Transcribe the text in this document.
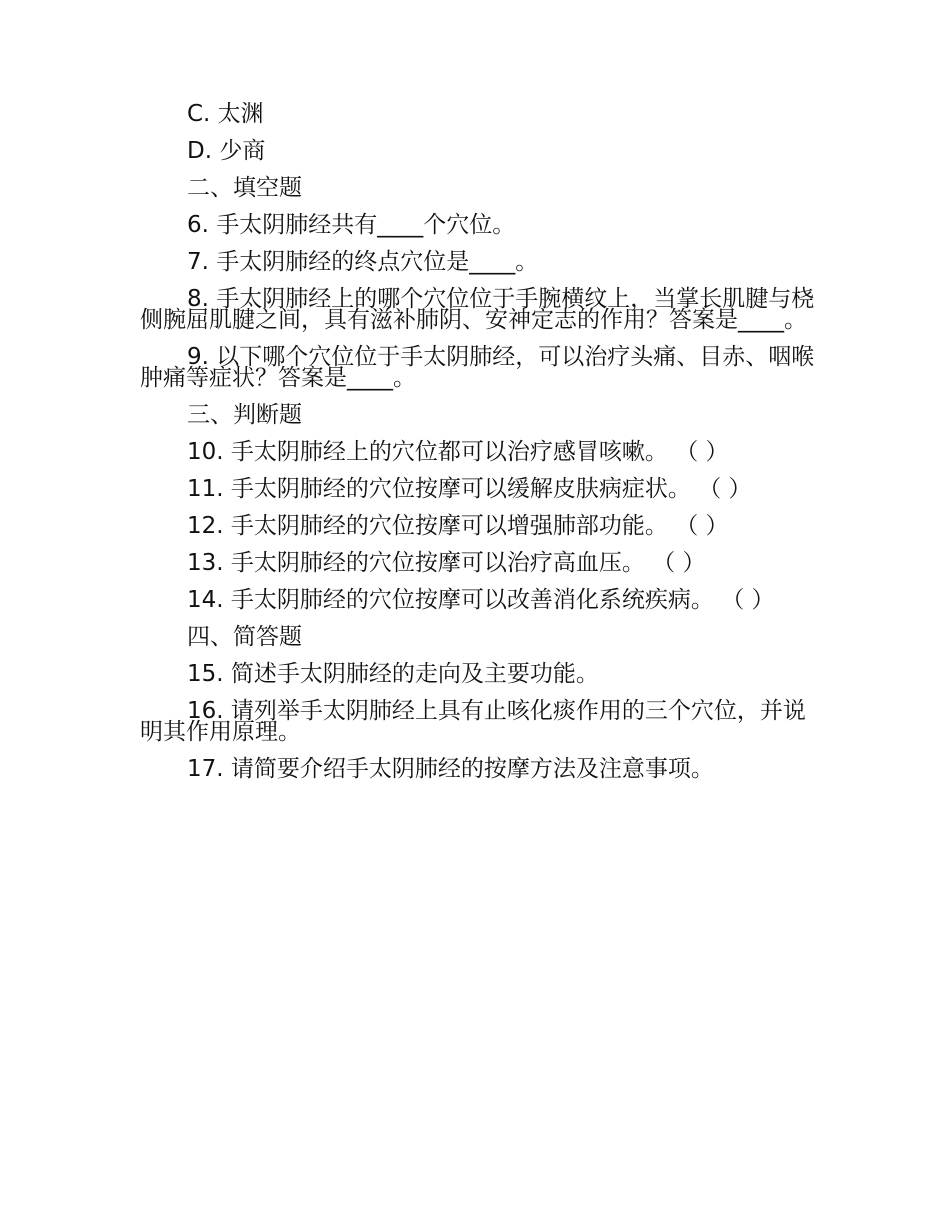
C. 太渊

D. 少商

二、填空题

6. 手太阴肺经共有____个穴位。

7. 手太阴肺经的终点穴位是____。

8. 手太阴肺经上的哪个穴位位于手腕横纹上，当掌长肌腱与桡侧腕屈肌腱之间，具有滋补肺阴、安神定志的作用？答案是____。

9. 以下哪个穴位位于手太阴肺经，可以治疗头痛、目赤、咽喉肿痛等症状？答案是____。

三、判断题

10. 手太阴肺经上的穴位都可以治疗感冒咳嗽。 （ ）

11. 手太阴肺经的穴位按摩可以缓解皮肤病症状。 （ ）

12. 手太阴肺经的穴位按摩可以增强肺部功能。 （ ）

13. 手太阴肺经的穴位按摩可以治疗高血压。 （ ）

14. 手太阴肺经的穴位按摩可以改善消化系统疾病。 （ ）

四、简答题

15. 简述手太阴肺经的走向及主要功能。

16. 请列举手太阴肺经上具有止咳化痰作用的三个穴位，并说明其作用原理。

17. 请简要介绍手太阴肺经的按摩方法及注意事项。
